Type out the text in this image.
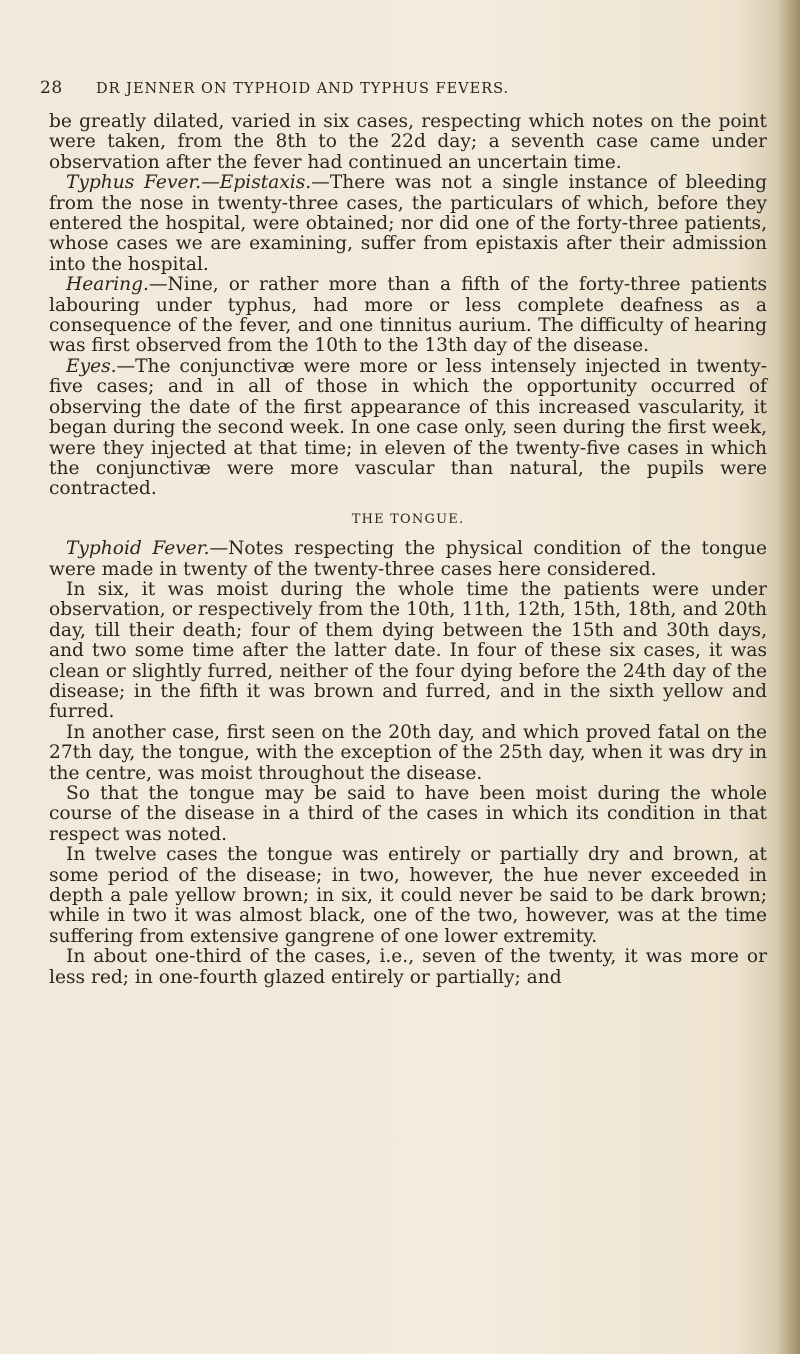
28 DR JENNER ON TYPHOID AND TYPHUS FEVERS.

be greatly dilated, varied in six cases, respecting which notes on the point were taken, from the 8th to the 22d day; a seventh case came under observation after the fever had continued an uncertain time.

Typhus Fever.—Epistaxis.—There was not a single instance of bleeding from the nose in twenty-three cases, the particulars of which, before they entered the hospital, were obtained; nor did one of the forty-three patients, whose cases we are examining, suffer from epistaxis after their admission into the hospital.

Hearing.—Nine, or rather more than a fifth of the forty-three patients labouring under typhus, had more or less complete deafness as a consequence of the fever, and one tinnitus aurium. The difficulty of hearing was first observed from the 10th to the 13th day of the disease.

Eyes.—The conjunctivæ were more or less intensely injected in twenty-five cases; and in all of those in which the opportunity occurred of observing the date of the first appearance of this increased vascularity, it began during the second week. In one case only, seen during the first week, were they injected at that time; in eleven of the twenty-five cases in which the conjunctivæ were more vascular than natural, the pupils were contracted.

THE TONGUE.

Typhoid Fever.—Notes respecting the physical condition of the tongue were made in twenty of the twenty-three cases here considered.

In six, it was moist during the whole time the patients were under observation, or respectively from the 10th, 11th, 12th, 15th, 18th, and 20th day, till their death; four of them dying between the 15th and 30th days, and two some time after the latter date. In four of these six cases, it was clean or slightly furred, neither of the four dying before the 24th day of the disease; in the fifth it was brown and furred, and in the sixth yellow and furred.

In another case, first seen on the 20th day, and which proved fatal on the 27th day, the tongue, with the exception of the 25th day, when it was dry in the centre, was moist throughout the disease.

So that the tongue may be said to have been moist during the whole course of the disease in a third of the cases in which its condition in that respect was noted.

In twelve cases the tongue was entirely or partially dry and brown, at some period of the disease; in two, however, the hue never exceeded in depth a pale yellow brown; in six, it could never be said to be dark brown; while in two it was almost black, one of the two, however, was at the time suffering from extensive gangrene of one lower extremity.

In about one-third of the cases, i.e., seven of the twenty, it was more or less red; in one-fourth glazed entirely or partially; and
